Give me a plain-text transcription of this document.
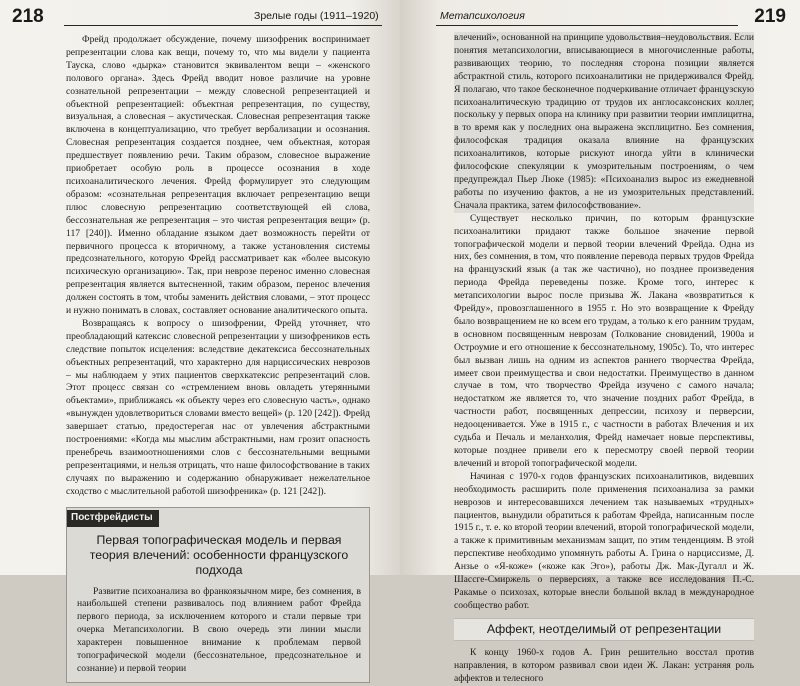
218	Зрелые годы (1911–1920)

Фрейд продолжает обсуждение, почему шизофреник воспринимает репрезентации слова как вещи, почему то, что мы видели у пациента Тауска, слово «дырка» становится эквивалентом вещи – «женского полового органа». Здесь Фрейд вводит новое различие на уровне сознательной репрезентации – между словесной репрезентацией и объектной репрезентацией: объектная репрезентация, по существу, визуальная, а словесная – акустическая. Словесная репрезентация также включена в концептуализацию, что требует вербализации и осознания. Словесная репрезентация создается позднее, чем объектная, которая предшествует появлению речи. Таким образом, словесное выражение приобретает особую роль в процессе осознания в ходе психоаналитического лечения. Фрейд формулирует это следующим образом: «сознательная репрезентация включает репрезентацию вещи плюс словесную репрезентацию соответствующей ей слова, бессознательная же репрезентация – это чистая репрезентация вещи» (p. 117 [240]). Именно обладание языком дает возможность перейти от первичного процесса к вторичному, а также установления системы предсознательного, которую Фрейд рассматривает как «более высокую психическую организацию». Так, при неврозе перенос именно словесная репрезентация является вытесненной, таким образом, перенос влечения должен состоять в том, чтобы заменить действия словами, – этот процесс и нужно понимать в словах, составляет основание аналитического опыта.

Возвращаясь к вопросу о шизофрении, Фрейд уточняет, что преобладающий катексис словесной репрезентации у шизофреников есть следствие попыток исцеления: вследствие декатексиса бессознательных объектных репрезентаций, что характерно для нарциссических неврозов – мы наблюдаем у этих пациентов сверхкатексис репрезентаций слов. Этот процесс связан со «стремлением вновь овладеть утерянными объектами», приближаясь «к объекту через его словесную часть», однако «вынужден удовлетвориться словами вместо вещей» (p. 120 [242]). Фрейд завершает статью, предостерегая нас от увлечения абстрактными построениями: «Когда мы мыслим абстрактными, нам грозит опасность пренебречь взаимоотношениями слов с бессознательными вещными репрезентациями, и нельзя отрицать, что наше философствование в таких случаях по выражению и содержанию обнаруживает нежелательное сходство с мыслительной работой шизофреника» (p. 121 [242]).

Постфрейдисты
Первая топографическая модель и первая теория влечений: особенности французского подхода

Развитие психоанализа во франкоязычном мире, без сомнения, в наибольшей степени развивалось под влиянием работ Фрейда первого периода, за исключением которого и стали первые три очерка Метапсихологии. В свою очередь эти линии мысли характерен повышенное внимание к проблемам первой топографической модели (бессознательное, предсознательное и сознание) и первой теории

Метапсихология	219

влечений», основанной на принципе удовольствия–неудовольствия. Если понятия метапсихологии, вписывающиеся в многочисленные работы, развивающих теорию, то последняя сторона позиции является абстрактной стиль, которого психоаналитики не придерживался Фрейд. Я полагаю, что такое бесконечное подчеркивание отличает французскую психоаналитическую традицию от трудов их англосаксонских коллег, поскольку у первых опора на клинику при развитии теории имплицитна, в то время как у последних она выражена эксплицитно. Без сомнения, философская традиция оказала влияние на французских психоаналитиков, которые рискуют иногда уйти в клинически философские спекуляции к умозрительным построениям, о чем предупреждал Пьер Люке (1985): «Психоанализ вырос из ежедневной работы по изучению фактов, а не из умозрительных представлений. Сначала практика, затем философствование».

Существует несколько причин, по которым французские психоаналитики придают также большое значение первой топографической модели и первой теории влечений Фрейда. Одна из них, без сомнения, в том, что появление перевода первых трудов Фрейда на французский язык (а так же частично), но позднее произведения периода Фрейда переведены позже. Кроме того, интерес к метапсихологии вырос после призыва Ж. Лакана «возвратиться к Фрейду», провозглашенного в 1955 г. Но это возвращение к Фрейду было возвращением не ко всем его трудам, а только к его ранним трудам, в основном посвященным неврозам (Толкование сновидений, 1900а и Остроумие и его отношение к бессознательному, 1905с). То, что интерес был вызван лишь на одним из аспектов раннего творчества Фрейда, имеет свои преимущества и свои недостатки. Преимущество в данном случае в том, что творчество Фрейда изучено с самого начала; недостатком же является то, что значение поздних работ Фрейда, в частности работ, посвященных депрессии, психозу и перверсии, недооценивается. Уже в 1915 г., с частности в работах Влечения и их судьба и Печаль и меланхолия, Фрейд намечает новые перспективы, которые позднее привели его к пересмотру своей первой теории влечений и второй топографической модели.

Начиная с 1970-х годов французских психоаналитиков, видевших необходимость расширить поле применения психоанализа за рамки неврозов и интересовавшихся лечением так называемых «трудных» пациентов, вынудили обратиться к работам Фрейда, написанным после 1915 г., т. е. ко второй теории влечений, второй топографической модели, а также к примитивным механизмам защит, по этим тенденциям. В этой перспективе необходимо упомянуть работы А. Грина о нарциссизме, Д. Анзье о «Я-коже» («коже как Эго»), работы Дж. Мак-Дугалл и Ж. Шассге-Смиржель о перверсиях, а также все исследования П.-С. Ракамье о психозах, которые внесли большой вклад в международное сообщество работ.

Аффект, неотделимый от репрезентации

К концу 1960-х годов А. Грин решительно восстал против направления, в котором развивал свои идеи Ж. Лакан: устраняя роль аффектов и телесного
